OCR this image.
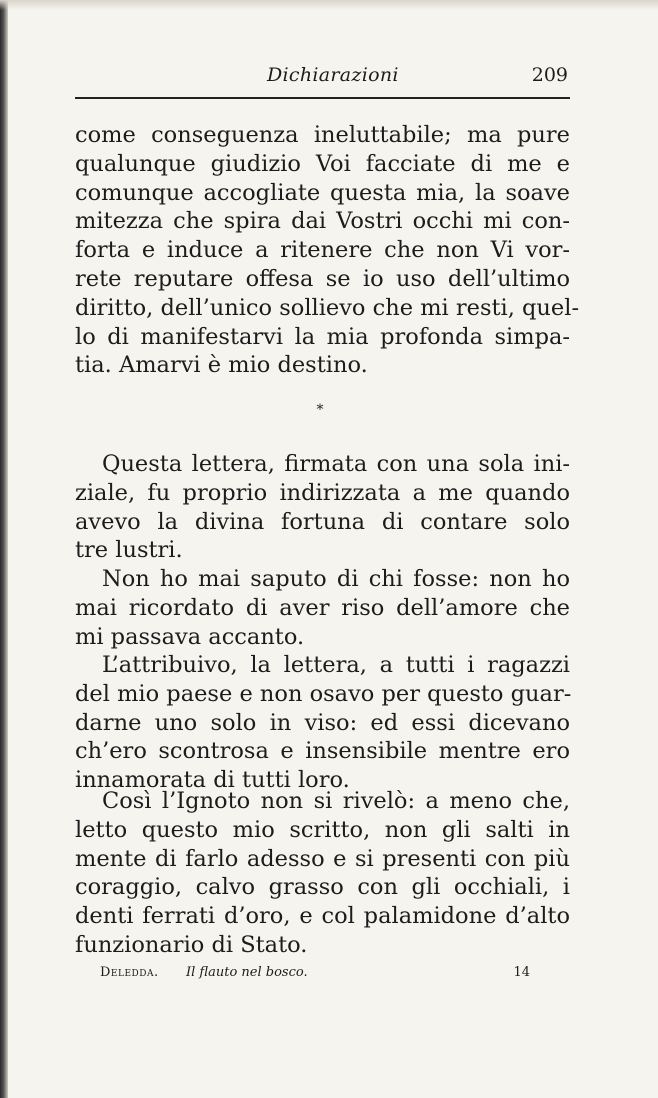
Dichiarazioni	209
come conseguenza ineluttabile; ma pure
qualunque giudizio Voi facciate di me e
comunque accogliate questa mia, la soave
mitezza che spira dai Vostri occhi mi con-
forta e induce a ritenere che non Vi vor-
rete reputare offesa se io uso dell’ultimo
diritto, dell’unico sollievo che mi resti, quel-
lo di manifestarvi la mia profonda simpa-
tia. Amarvi è mio destino.
*
Questa lettera, firmata con una sola ini-
ziale, fu proprio indirizzata a me quando
avevo la divina fortuna di contare solo
tre lustri.
Non ho mai saputo di chi fosse: non ho
mai ricordato di aver riso dell’amore che
mi passava accanto.
L’attribuivo, la lettera, a tutti i ragazzi
del mio paese e non osavo per questo guar-
darne uno solo in viso: ed essi dicevano
ch’ero scontrosa e insensibile mentre ero
innamorata di tutti loro.
Così l’Ignoto non si rivelò: a meno che,
letto questo mio scritto, non gli salti in
mente di farlo adesso e si presenti con più
coraggio, calvo grasso con gli occhiali, i
denti ferrati d’oro, e col palamidone d’alto
funzionario di Stato.
Deledda. Il flauto nel bosco.	14
